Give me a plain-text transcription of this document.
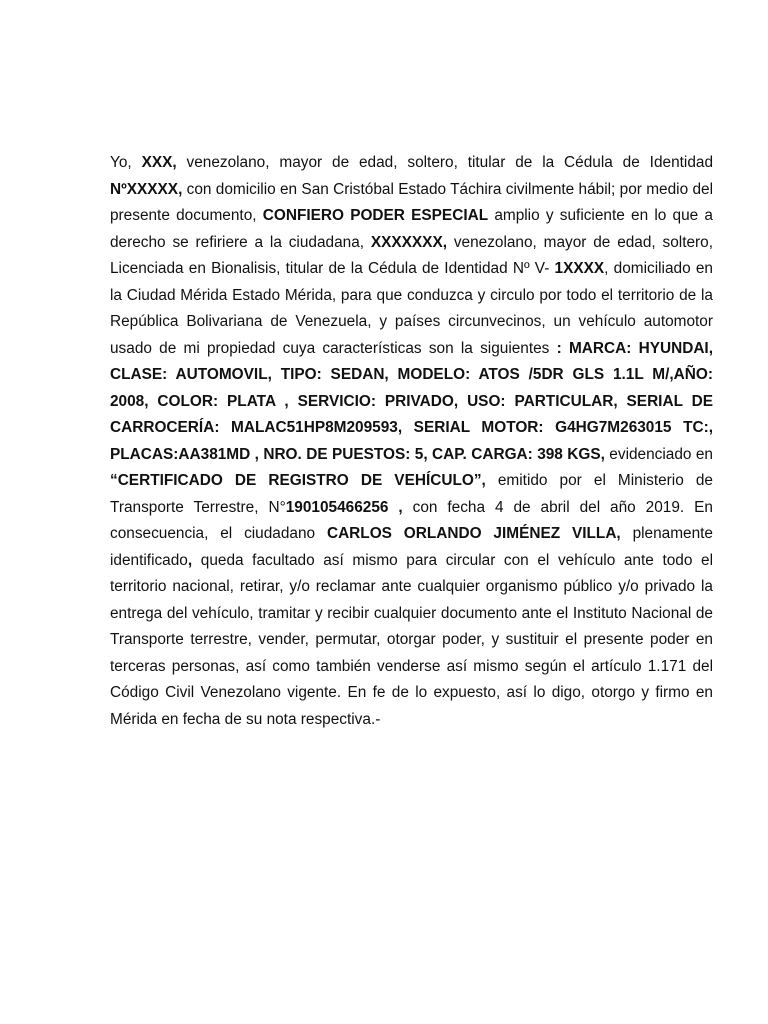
Yo, XXX, venezolano, mayor de edad, soltero, titular de la Cédula de Identidad NºXXXXX, con domicilio en San Cristóbal Estado Táchira civilmente hábil; por medio del presente documento, CONFIERO PODER ESPECIAL amplio y suficiente en lo que a derecho se refiriere a la ciudadana, XXXXXXX, venezolano, mayor de edad, soltero, Licenciada en Bionalisis, titular de la Cédula de Identidad Nº V- 1XXXX, domiciliado en la Ciudad Mérida Estado Mérida, para que conduzca y circulo por todo el territorio de la República Bolivariana de Venezuela, y países circunvecinos, un vehículo automotor usado de mi propiedad cuya características son la siguientes : MARCA: HYUNDAI, CLASE: AUTOMOVIL, TIPO: SEDAN, MODELO: ATOS /5DR GLS 1.1L M/,AÑO: 2008, COLOR: PLATA , SERVICIO: PRIVADO, USO: PARTICULAR, SERIAL DE CARROCERÍA: MALAC51HP8M209593, SERIAL MOTOR: G4HG7M263015 TC:, PLACAS:AA381MD , NRO. DE PUESTOS: 5, CAP. CARGA: 398 KGS, evidenciado en “CERTIFICADO DE REGISTRO DE VEHÍCULO”, emitido por el Ministerio de Transporte Terrestre, N°190105466256 , con fecha 4 de abril del año 2019. En consecuencia, el ciudadano CARLOS ORLANDO JIMÉNEZ VILLA, plenamente identificado, queda facultado así mismo para circular con el vehículo ante todo el territorio nacional, retirar, y/o reclamar ante cualquier organismo público y/o privado la entrega del vehículo, tramitar y recibir cualquier documento ante el Instituto Nacional de Transporte terrestre, vender, permutar, otorgar poder, y sustituir el presente poder en terceras personas, así como también venderse así mismo según el artículo 1.171 del Código Civil Venezolano vigente. En fe de lo expuesto, así lo digo, otorgo y firmo en Mérida en fecha de su nota respectiva.-
